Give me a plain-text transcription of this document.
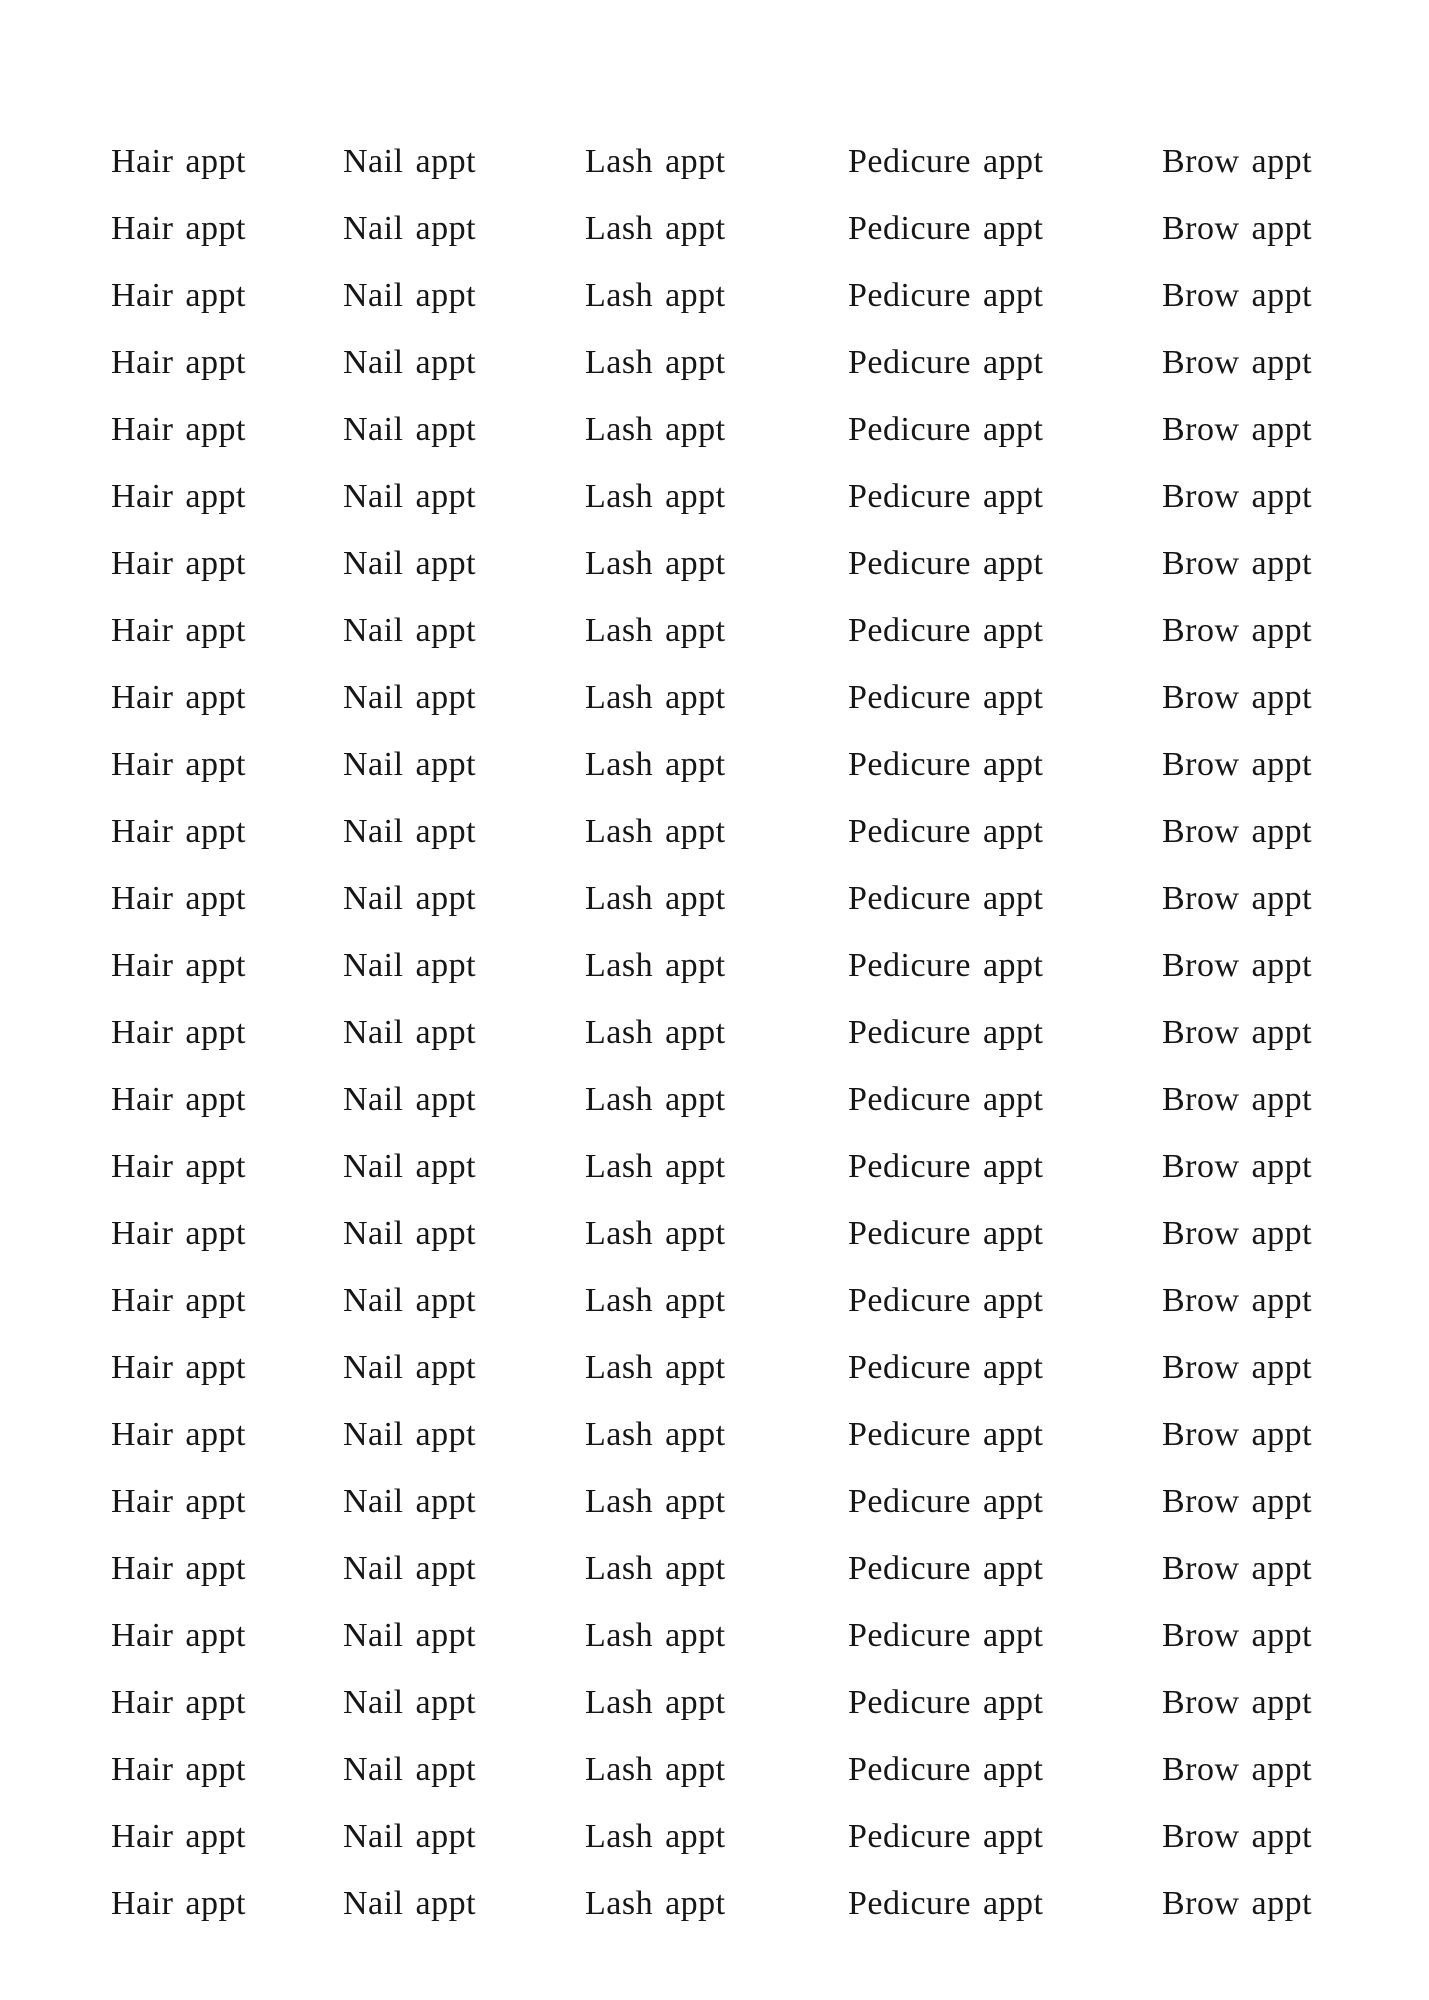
Hair appt	Nail appt	Lash appt	Pedicure appt	Brow appt
Hair appt	Nail appt	Lash appt	Pedicure appt	Brow appt
Hair appt	Nail appt	Lash appt	Pedicure appt	Brow appt
Hair appt	Nail appt	Lash appt	Pedicure appt	Brow appt
Hair appt	Nail appt	Lash appt	Pedicure appt	Brow appt
Hair appt	Nail appt	Lash appt	Pedicure appt	Brow appt
Hair appt	Nail appt	Lash appt	Pedicure appt	Brow appt
Hair appt	Nail appt	Lash appt	Pedicure appt	Brow appt
Hair appt	Nail appt	Lash appt	Pedicure appt	Brow appt
Hair appt	Nail appt	Lash appt	Pedicure appt	Brow appt
Hair appt	Nail appt	Lash appt	Pedicure appt	Brow appt
Hair appt	Nail appt	Lash appt	Pedicure appt	Brow appt
Hair appt	Nail appt	Lash appt	Pedicure appt	Brow appt
Hair appt	Nail appt	Lash appt	Pedicure appt	Brow appt
Hair appt	Nail appt	Lash appt	Pedicure appt	Brow appt
Hair appt	Nail appt	Lash appt	Pedicure appt	Brow appt
Hair appt	Nail appt	Lash appt	Pedicure appt	Brow appt
Hair appt	Nail appt	Lash appt	Pedicure appt	Brow appt
Hair appt	Nail appt	Lash appt	Pedicure appt	Brow appt
Hair appt	Nail appt	Lash appt	Pedicure appt	Brow appt
Hair appt	Nail appt	Lash appt	Pedicure appt	Brow appt
Hair appt	Nail appt	Lash appt	Pedicure appt	Brow appt
Hair appt	Nail appt	Lash appt	Pedicure appt	Brow appt
Hair appt	Nail appt	Lash appt	Pedicure appt	Brow appt
Hair appt	Nail appt	Lash appt	Pedicure appt	Brow appt
Hair appt	Nail appt	Lash appt	Pedicure appt	Brow appt
Hair appt	Nail appt	Lash appt	Pedicure appt	Brow appt
